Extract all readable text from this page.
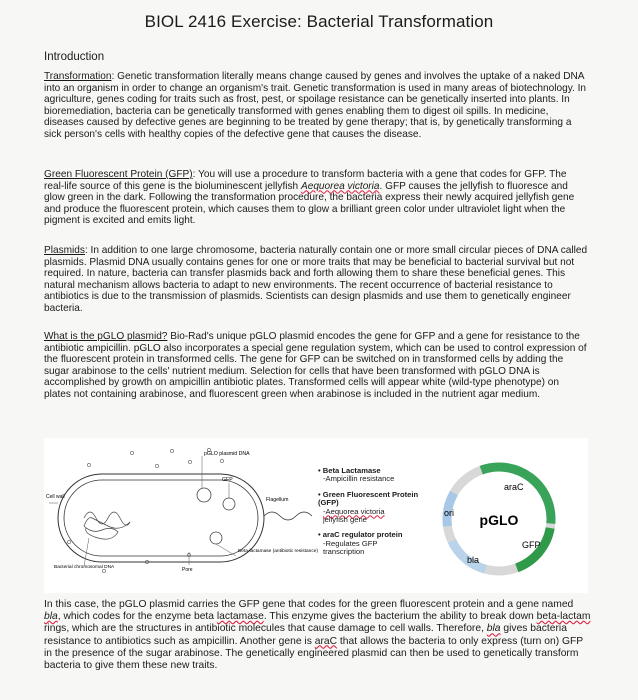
BIOL 2416 Exercise: Bacterial Transformation
Introduction

Transformation: Genetic transformation literally means change caused by genes and involves the uptake of a naked DNA into an organism in order to change an organism's trait. Genetic transformation is used in many areas of biotechnology. In agriculture, genes coding for traits such as frost, pest, or spoilage resistance can be genetically inserted into plants. In bioremediation, bacteria can be genetically transformed with genes enabling them to digest oil spills. In medicine, diseases caused by defective genes are beginning to be treated by gene therapy; that is, by genetically transforming a sick person's cells with healthy copies of the defective gene that causes the disease.

Green Fluorescent Protein (GFP): You will use a procedure to transform bacteria with a gene that codes for GFP. The real-life source of this gene is the bioluminescent jellyfish Aequorea victoria. GFP causes the jellyfish to fluoresce and glow green in the dark. Following the transformation procedure, the bacteria express their newly acquired jellyfish gene and produce the fluorescent protein, which causes them to glow a brilliant green color under ultraviolet light when the pigment is excited and emits light.

Plasmids: In addition to one large chromosome, bacteria naturally contain one or more small circular pieces of DNA called plasmids. Plasmid DNA usually contains genes for one or more traits that may be beneficial to bacterial survival but not required. In nature, bacteria can transfer plasmids back and forth allowing them to share these beneficial genes. This natural mechanism allows bacteria to adapt to new environments. The recent occurrence of bacterial resistance to antibiotics is due to the transmission of plasmids. Scientists can design plasmids and use them to genetically engineer bacteria.

What is the pGLO plasmid? Bio-Rad's unique pGLO plasmid encodes the gene for GFP and a gene for resistance to the antibiotic ampicillin. pGLO also incorporates a special gene regulation system, which can be used to control expression of the fluorescent protein in transformed cells. The gene for GFP can be switched on in transformed cells by adding the sugar arabinose to the cells' nutrient medium. Selection for cells that have been transformed with pGLO DNA is accomplished by growth on ampicillin antibiotic plates. Transformed cells will appear white (wild-type phenotype) on plates not containing arabinose, and fluorescent green when arabinose is included in the nutrient agar medium.

pGLO plasmid DNA
GFP
Flagellum
Cell wall
Beta-lactamase (antibiotic resistance)
Bacterial chromosomal DNA	Pore
• Beta Lactamase
-Ampicillin resistance
• Green Fluorescent Protein (GFP)
-Aequorea victoria
jellyfish gene
• araC regulator protein
-Regulates GFP
transcription
pGLO
araC
ori
GFP
bla

In this case, the pGLO plasmid carries the GFP gene that codes for the green fluorescent protein and a gene named bla, which codes for the enzyme beta lactamase. This enzyme gives the bacterium the ability to break down beta-lactam rings, which are the structures in antibiotic molecules that cause damage to cell walls. Therefore, bla gives bacteria resistance to antibiotics such as ampicillin. Another gene is araC that allows the bacteria to only express (turn on) GFP in the presence of the sugar arabinose. The genetically engineered plasmid can then be used to genetically transform bacteria to give them these new traits.
